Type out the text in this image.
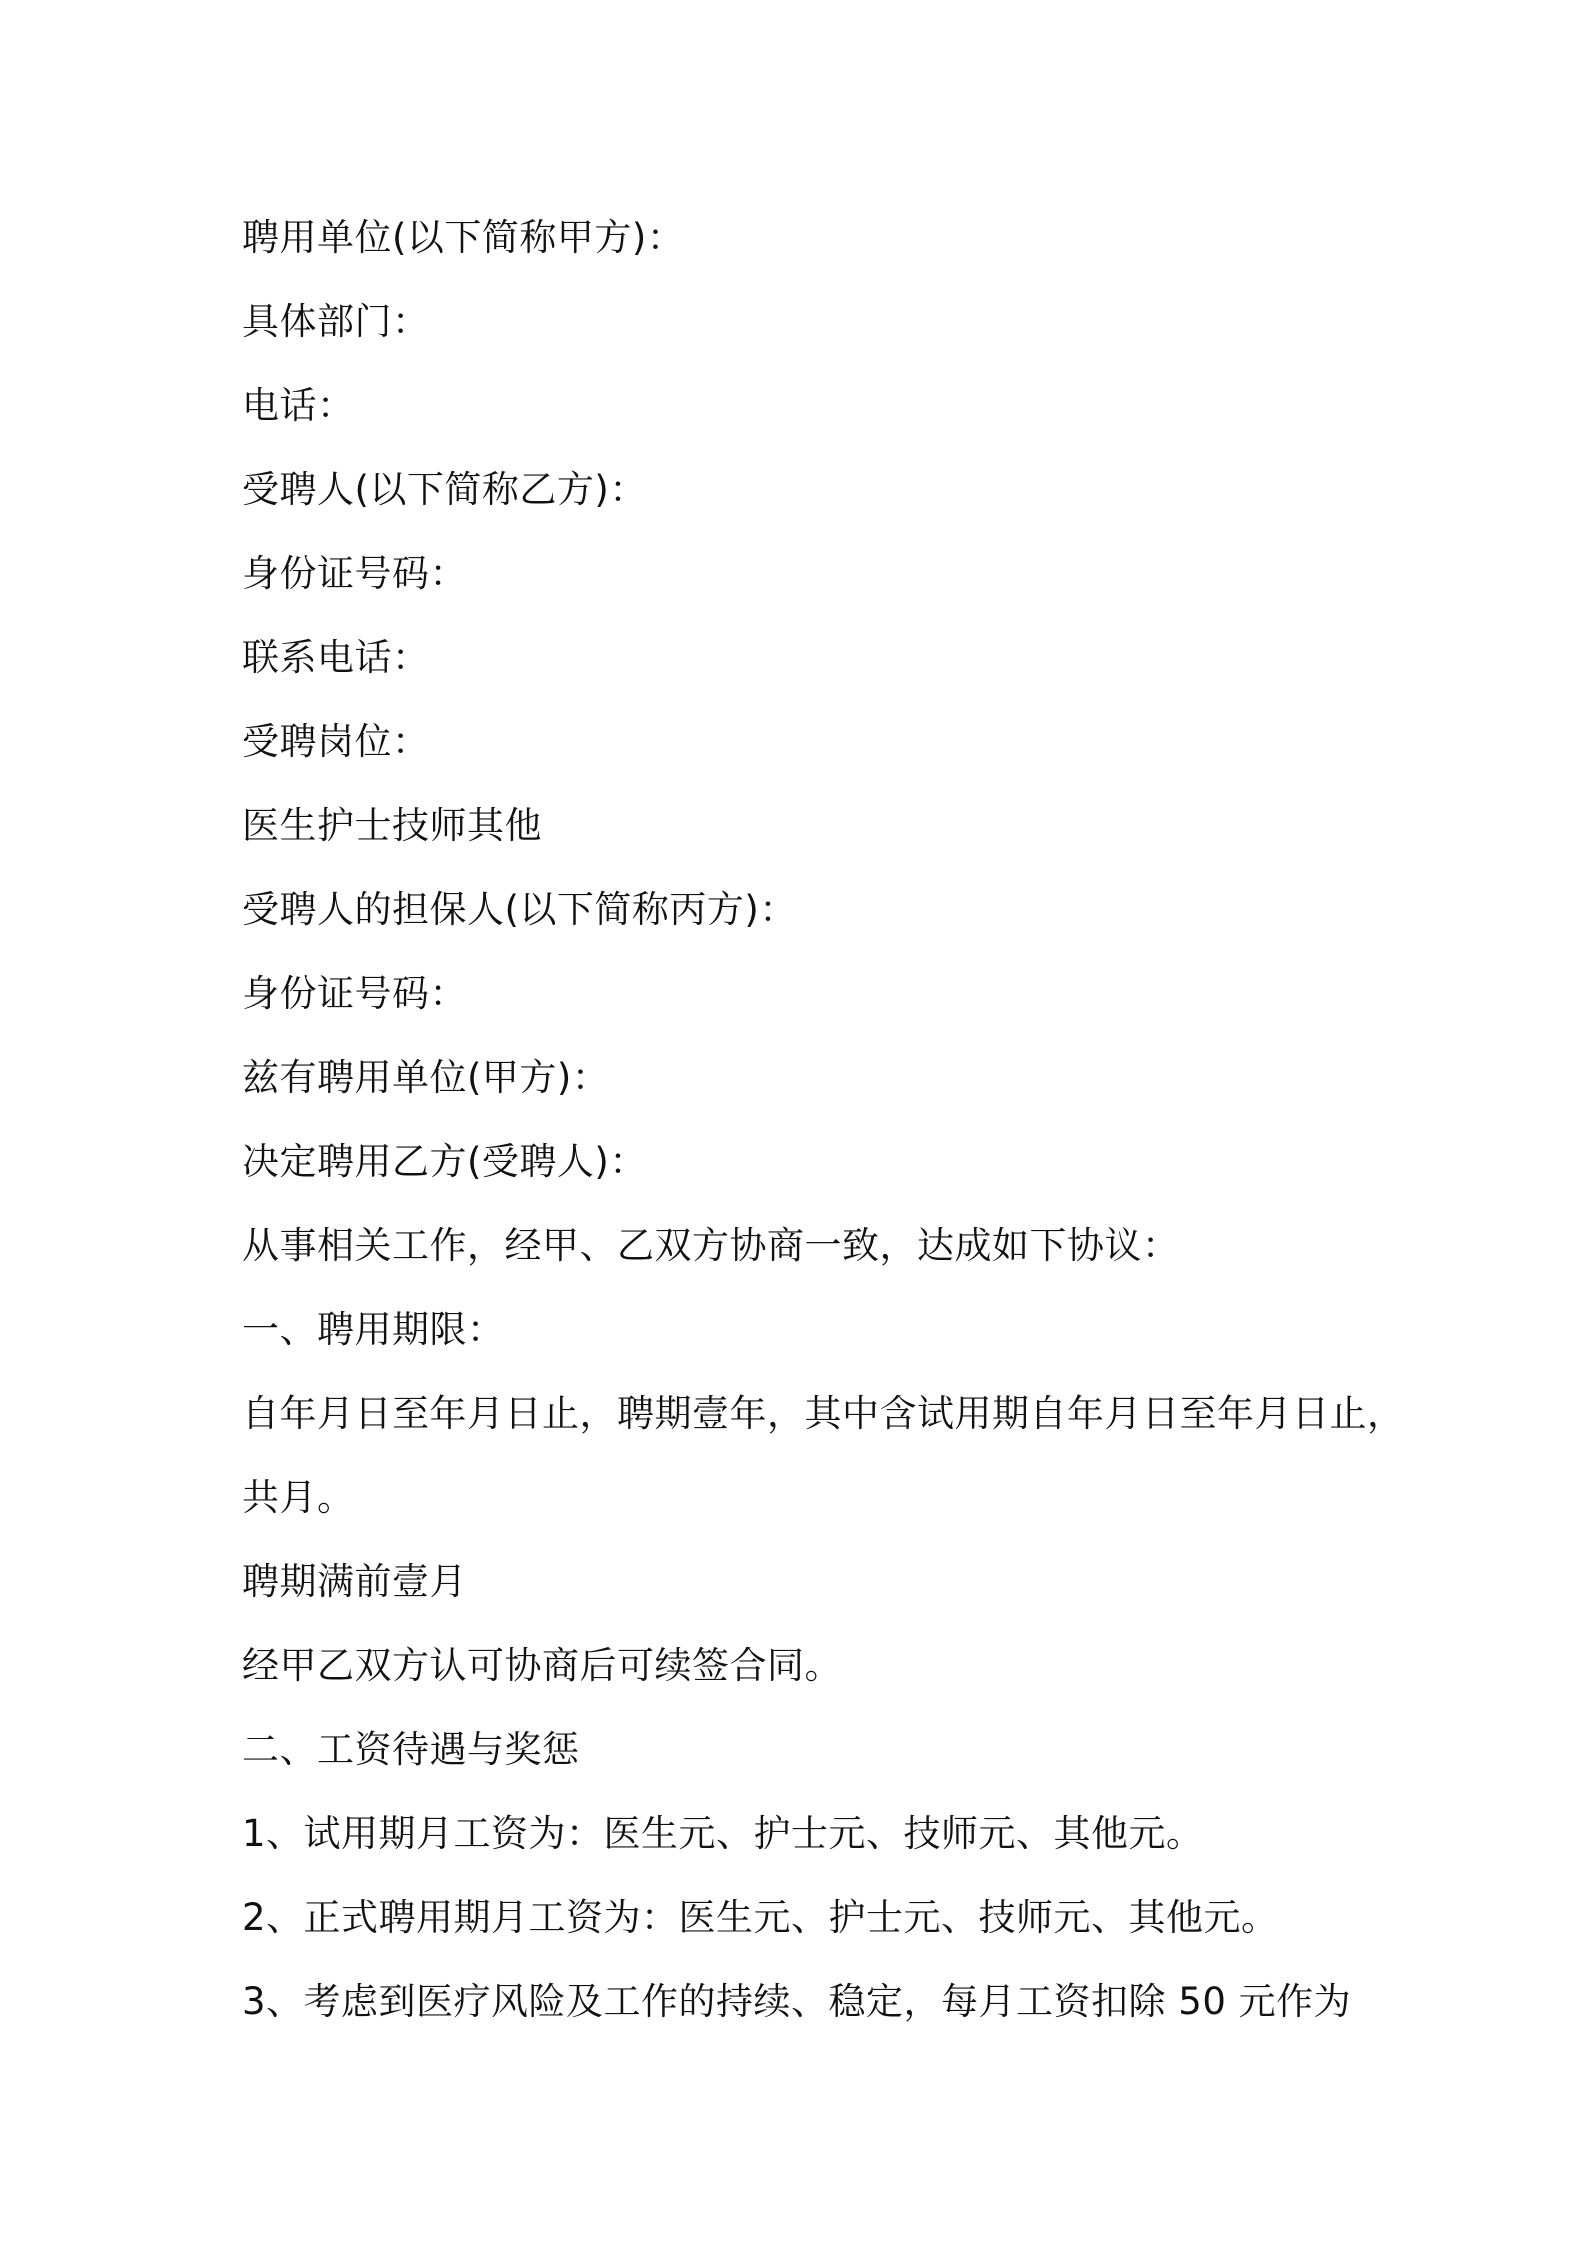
聘用单位(以下简称甲方)：

具体部门：

电话：

受聘人(以下简称乙方)：

身份证号码：

联系电话：

受聘岗位：

医生护士技师其他

受聘人的担保人(以下简称丙方)：

身份证号码：

兹有聘用单位(甲方)：

决定聘用乙方(受聘人)：

从事相关工作，经甲、乙双方协商一致，达成如下协议：

一、聘用期限：

自年月日至年月日止，聘期壹年，其中含试用期自年月日至年月日止，

共月。

聘期满前壹月

经甲乙双方认可协商后可续签合同。

二、工资待遇与奖惩

1、试用期月工资为：医生元、护士元、技师元、其他元。

2、正式聘用期月工资为：医生元、护士元、技师元、其他元。

3、考虑到医疗风险及工作的持续、稳定，每月工资扣除 50 元作为
